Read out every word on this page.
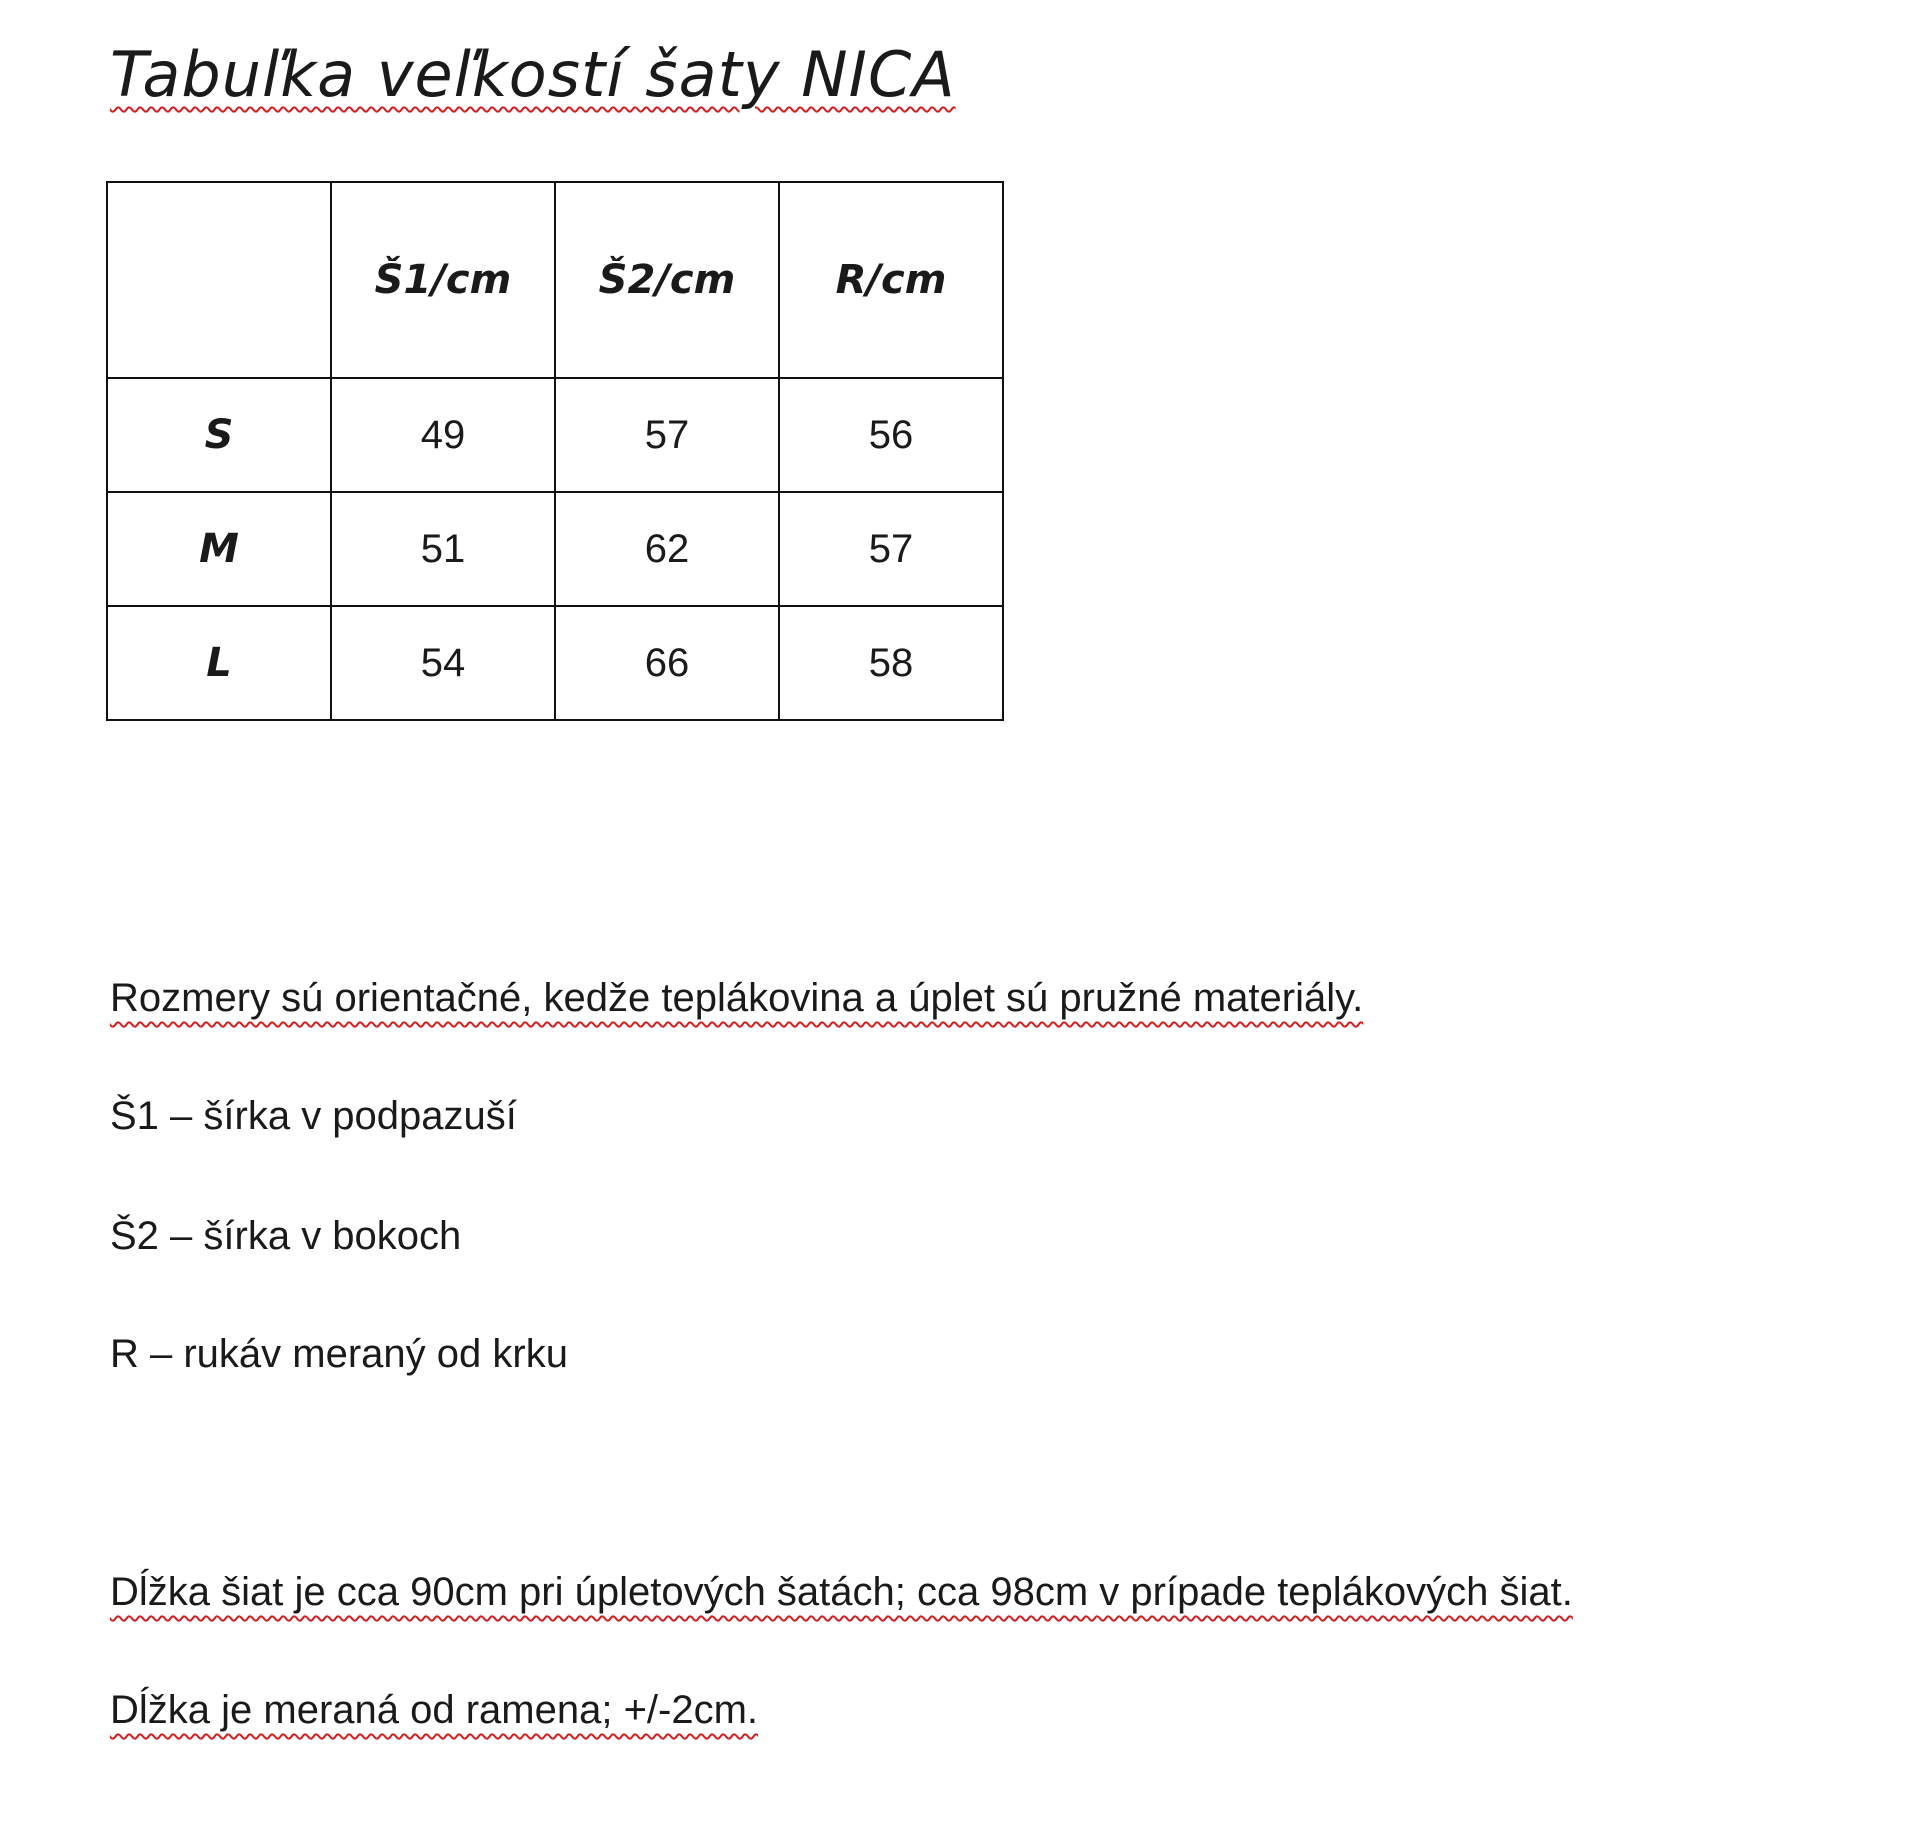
Tabuľka veľkostí šaty NICA
	Š1/cm	Š2/cm	R/cm
S	49	57	56
M	51	62	57
L	54	66	58

Rozmery sú orientačné, kedže teplákovina a úplet sú pružné materiály.

Š1 – šírka v podpazuší

Š2 – šírka v bokoch

R – rukáv meraný od krku

Dĺžka šiat je cca 90cm pri úpletových šatách; cca 98cm v prípade teplákových šiat.

Dĺžka je meraná od ramena; +/-2cm.
